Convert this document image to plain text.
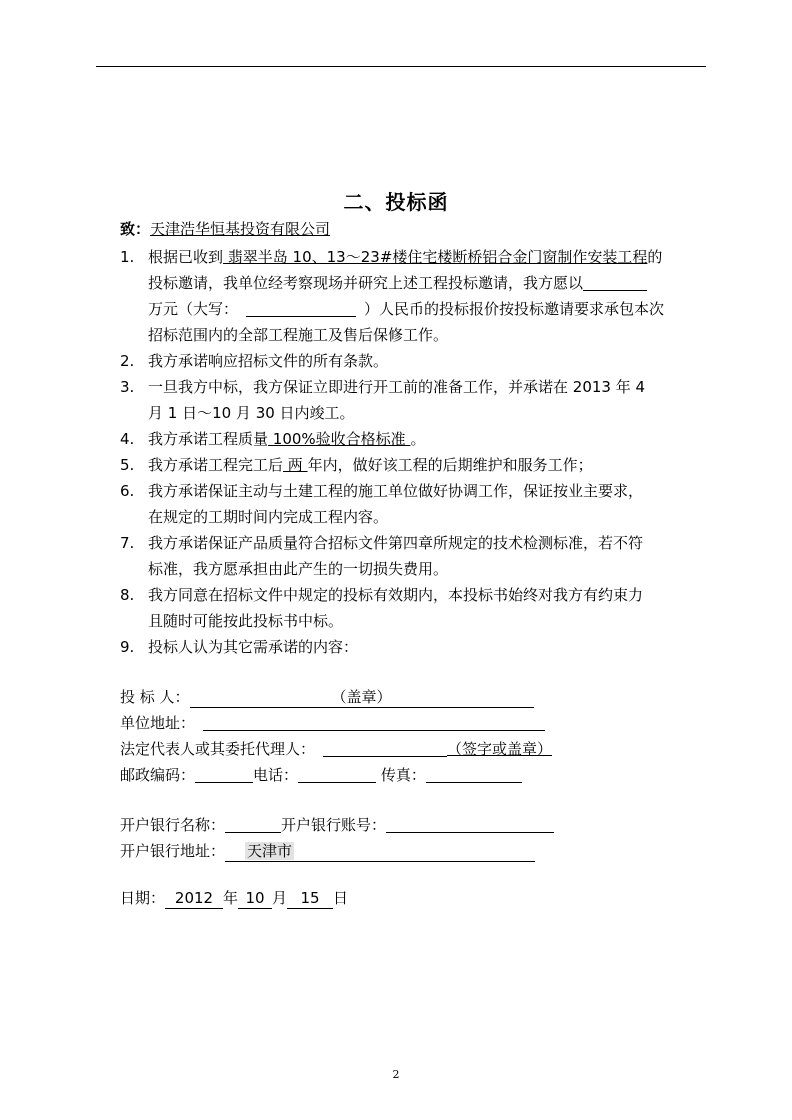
二、投标函
致：天津浩华恒基投资有限公司
1. 根据已收到 翡翠半岛 10、13～23#楼住宅楼断桥铝合金门窗制作安装工程的
投标邀请，我单位经考察现场并研究上述工程投标邀请，我方愿以
万元（大写：	）人民币的投标报价按投标邀请要求承包本次
招标范围内的全部工程施工及售后保修工作。
2. 我方承诺响应招标文件的所有条款。
3. 一旦我方中标，我方保证立即进行开工前的准备工作，并承诺在 2013 年 4
月 1 日～10 月 30 日内竣工。
4. 我方承诺工程质量 100%验收合格标准 。
5. 我方承诺工程完工后 两 年内，做好该工程的后期维护和服务工作；
6. 我方承诺保证主动与土建工程的施工单位做好协调工作，保证按业主要求，
在规定的工期时间内完成工程内容。
7. 我方承诺保证产品质量符合招标文件第四章所规定的技术检测标准，若不符
标准，我方愿承担由此产生的一切损失费用。
8. 我方同意在招标文件中规定的投标有效期内，本投标书始终对我方有约束力
且随时可能按此投标书中标。
9. 投标人认为其它需承诺的内容：
投 标 人：	（盖章）
单位地址：
法定代表人或其委托代理人：	（签字或盖章）
邮政编码：	电话：	传真：
开户银行名称：	开户银行账号：
开户银行地址： 天津市
日期： 2012 年 10 月 15 日
2
